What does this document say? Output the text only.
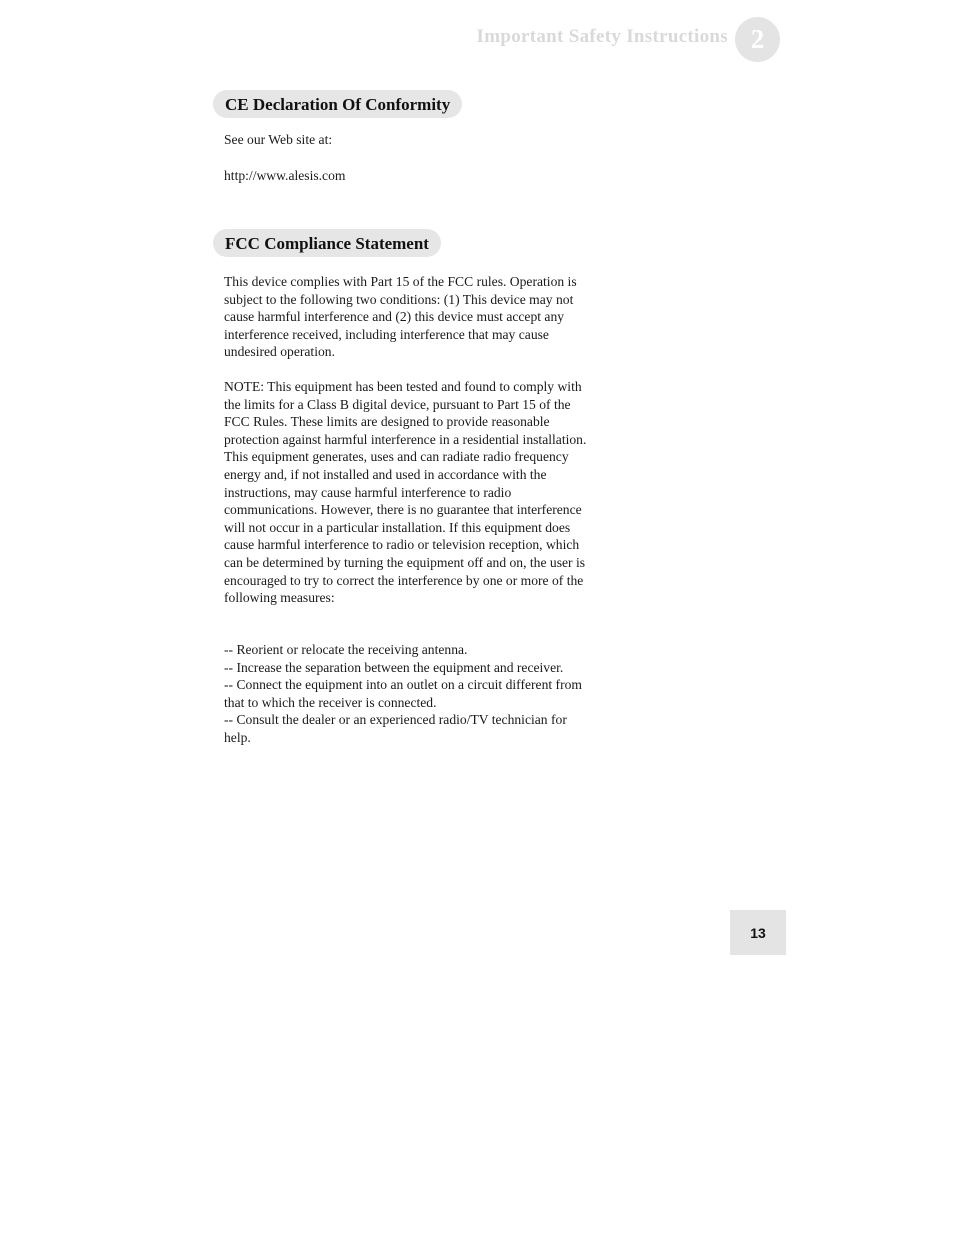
Important Safety Instructions 2
CE Declaration Of Conformity

See our Web site at:

http://www.alesis.com

FCC Compliance Statement

This device complies with Part 15 of the FCC rules. Operation is subject to the following two conditions: (1) This device may not cause harmful interference and (2) this device must accept any interference received, including interference that may cause undesired operation.

NOTE: This equipment has been tested and found to comply with the limits for a Class B digital device, pursuant to Part 15 of the FCC Rules. These limits are designed to provide reasonable protection against harmful interference in a residential installation. This equipment generates, uses and can radiate radio frequency energy and, if not installed and used in accordance with the instructions, may cause harmful interference to radio communications. However, there is no guarantee that interference will not occur in a particular installation. If this equipment does cause harmful interference to radio or television reception, which can be determined by turning the equipment off and on, the user is encouraged to try to correct the interference by one or more of the following measures:

-- Reorient or relocate the receiving antenna.
-- Increase the separation between the equipment and receiver.
-- Connect the equipment into an outlet on a circuit different from that to which the receiver is connected.
-- Consult the dealer or an experienced radio/TV technician for help.
13
